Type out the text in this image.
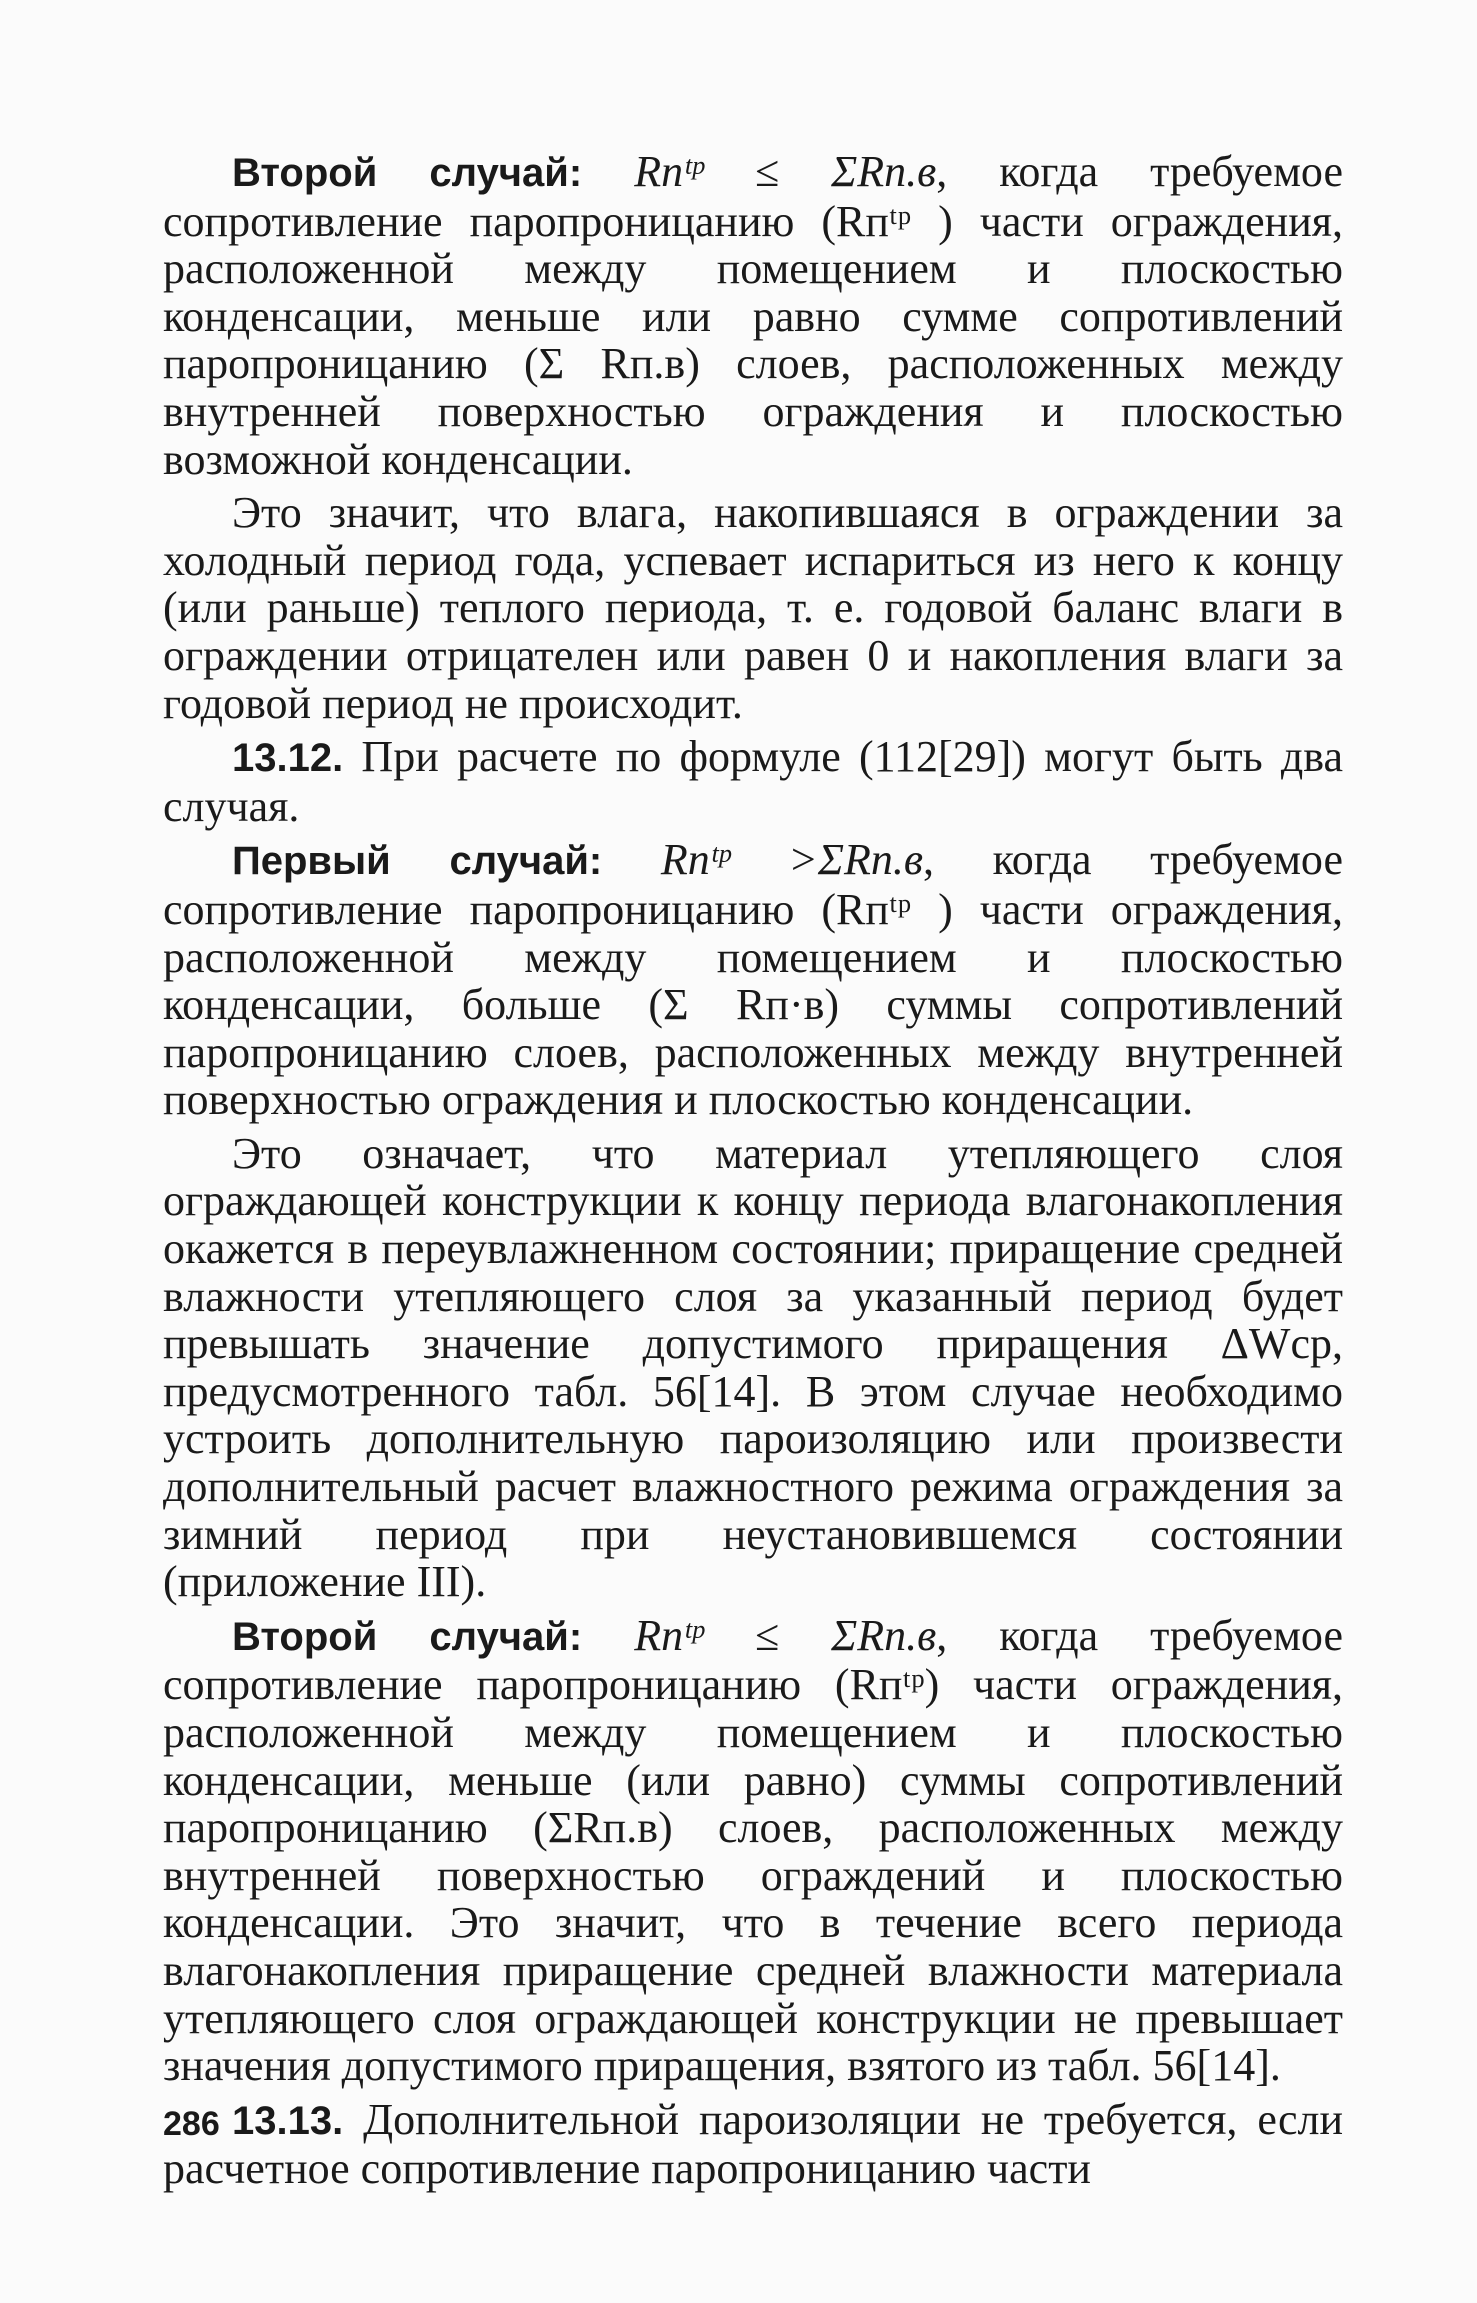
Второй случай: Rпᵗᵖ ≤ ΣRп.в, когда требуемое сопротивление паропроницанию (Rпᵗᵖ ) части ограждения, расположенной между помещением и плоскостью конденсации, меньше или равно сумме сопротивлений паропроницанию (Σ Rп.в) слоев, расположенных между внутренней поверхностью ограждения и плоскостью возможной конденсации.

Это значит, что влага, накопившаяся в ограждении за холодный период года, успевает испариться из него к концу (или раньше) теплого периода, т. е. годовой баланс влаги в ограждении отрицателен или равен 0 и накопления влаги за годовой период не происходит.

13.12. При расчете по формуле (112[29]) могут быть два случая.

Первый случай: Rпᵗᵖ >ΣRп.в, когда требуемое сопротивление паропроницанию (Rпᵗᵖ ) части ограждения, расположенной между помещением и плоскостью конденсации, больше (Σ Rп·в) суммы сопротивлений паропроницанию слоев, расположенных между внутренней поверхностью ограждения и плоскостью конденсации.

Это означает, что материал утепляющего слоя ограждающей конструкции к концу периода влагонакопления окажется в переувлажненном состоянии; приращение средней влажности утепляющего слоя за указанный период будет превышать значение допустимого приращения ΔWср, предусмотренного табл. 56[14]. В этом случае необходимо устроить дополнительную пароизоляцию или произвести дополнительный расчет влажностного режима ограждения за зимний период при неустановившемся состоянии (приложение III).

Второй случай: Rпᵗᵖ ≤ ΣRп.в, когда требуемое сопротивление паропроницанию (Rпᵗᵖ) части ограждения, расположенной между помещением и плоскостью конденсации, меньше (или равно) суммы сопротивлений паропроницанию (ΣRп.в) слоев, расположенных между внутренней поверхностью ограждений и плоскостью конденсации. Это значит, что в течение всего периода влагонакопления приращение средней влажности материала утепляющего слоя ограждающей конструкции не превышает значения допустимого приращения, взятого из табл. 56[14].

13.13. Дополнительной пароизоляции не требуется, если расчетное сопротивление паропроницанию части

286
